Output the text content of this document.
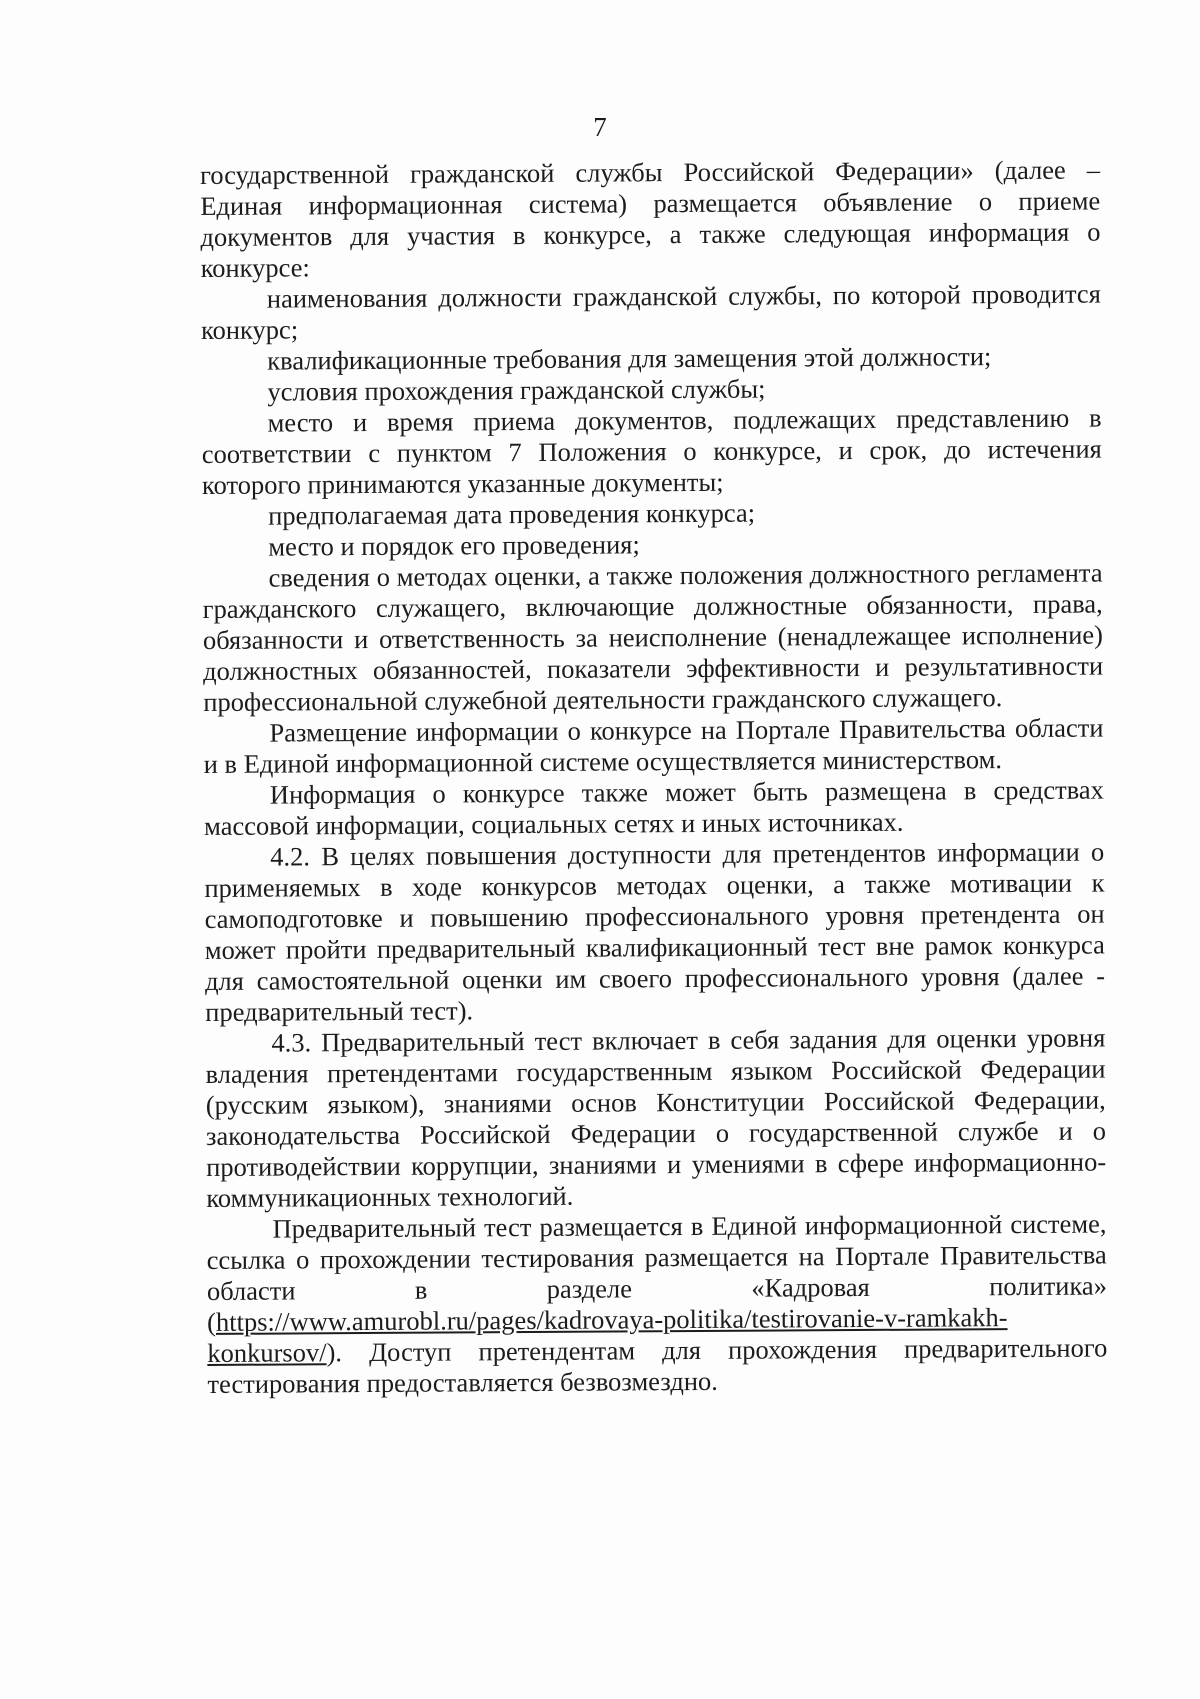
7

государственной гражданской службы Российской Федерации» (далее – Единая информационная система) размещается объявление о приеме документов для участия в конкурсе, а также следующая информация о конкурсе:

наименования должности гражданской службы, по которой проводится конкурс;

квалификационные требования для замещения этой должности;

условия прохождения гражданской службы;

место и время приема документов, подлежащих представлению в соответствии с пунктом 7 Положения о конкурсе, и срок, до истечения которого принимаются указанные документы;

предполагаемая дата проведения конкурса;

место и порядок его проведения;

сведения о методах оценки, а также положения должностного регламента гражданского служащего, включающие должностные обязанности, права, обязанности и ответственность за неисполнение (ненадлежащее исполнение) должностных обязанностей, показатели эффективности и результативности профессиональной служебной деятельности гражданского служащего.

Размещение информации о конкурсе на Портале Правительства области и в Единой информационной системе осуществляется министерством.

Информация о конкурсе также может быть размещена в средствах массовой информации, социальных сетях и иных источниках.

4.2. В целях повышения доступности для претендентов информации о применяемых в ходе конкурсов методах оценки, а также мотивации к самоподготовке и повышению профессионального уровня претендента он может пройти предварительный квалификационный тест вне рамок конкурса для самостоятельной оценки им своего профессионального уровня (далее - предварительный тест).

4.3. Предварительный тест включает в себя задания для оценки уровня владения претендентами государственным языком Российской Федерации (русским языком), знаниями основ Конституции Российской Федерации, законодательства Российской Федерации о государственной службе и о противодействии коррупции, знаниями и умениями в сфере информационно-коммуникационных технологий.

Предварительный тест размещается в Единой информационной системе, ссылка о прохождении тестирования размещается на Портале Правительства области в разделе «Кадровая политика» (https://www.amurobl.ru/pages/kadrovaya-politika/testirovanie-v-ramkakh-konkursov/). Доступ претендентам для прохождения предварительного тестирования предоставляется безвозмездно.
